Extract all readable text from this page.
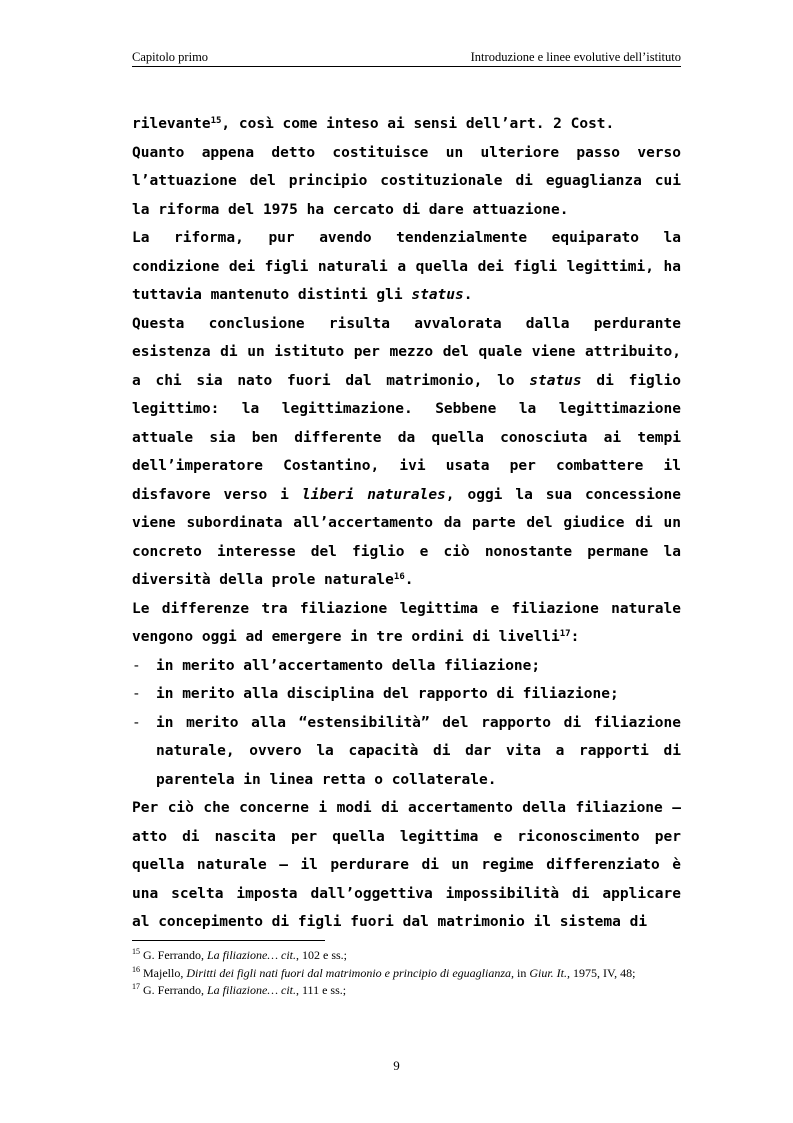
Capitolo primo	Introduzione e linee evolutive dell’istituto

rilevante$^{15}$, così come inteso ai sensi dell’art. 2 Cost.

Quanto appena detto costituisce un ulteriore passo verso l’attuazione del principio costituzionale di eguaglianza cui la riforma del 1975 ha cercato di dare attuazione.

La riforma, pur avendo tendenzialmente equiparato la condizione dei figli naturali a quella dei figli legittimi, ha tuttavia mantenuto distinti gli status.

Questa conclusione risulta avvalorata dalla perdurante esistenza di un istituto per mezzo del quale viene attribuito, a chi sia nato fuori dal matrimonio, lo status di figlio legittimo: la legittimazione. Sebbene la legittimazione attuale sia ben differente da quella conosciuta ai tempi dell’imperatore Costantino, ivi usata per combattere il disfavore verso i liberi naturales, oggi la sua concessione viene subordinata all’accertamento da parte del giudice di un concreto interesse del figlio e ciò nonostante permane la diversità della prole naturale$^{16}$.

Le differenze tra filiazione legittima e filiazione naturale vengono oggi ad emergere in tre ordini di livelli$^{17}$:

- in merito all’accertamento della filiazione;
- in merito alla disciplina del rapporto di filiazione;
- in merito alla “estensibilità” del rapporto di filiazione naturale, ovvero la capacità di dar vita a rapporti di parentela in linea retta o collaterale.

Per ciò che concerne i modi di accertamento della filiazione – atto di nascita per quella legittima e riconoscimento per quella naturale – il perdurare di un regime differenziato è una scelta imposta dall’oggettiva impossibilità di applicare al concepimento di figli fuori dal matrimonio il sistema di

$^{15}$ G. Ferrando, La filiazione… cit., 102 e ss.;

$^{16}$ Majello, Diritti dei figli nati fuori dal matrimonio e principio di eguaglianza, in Giur. It., 1975, IV, 48;

$^{17}$ G. Ferrando, La filiazione… cit., 111 e ss.;

9
